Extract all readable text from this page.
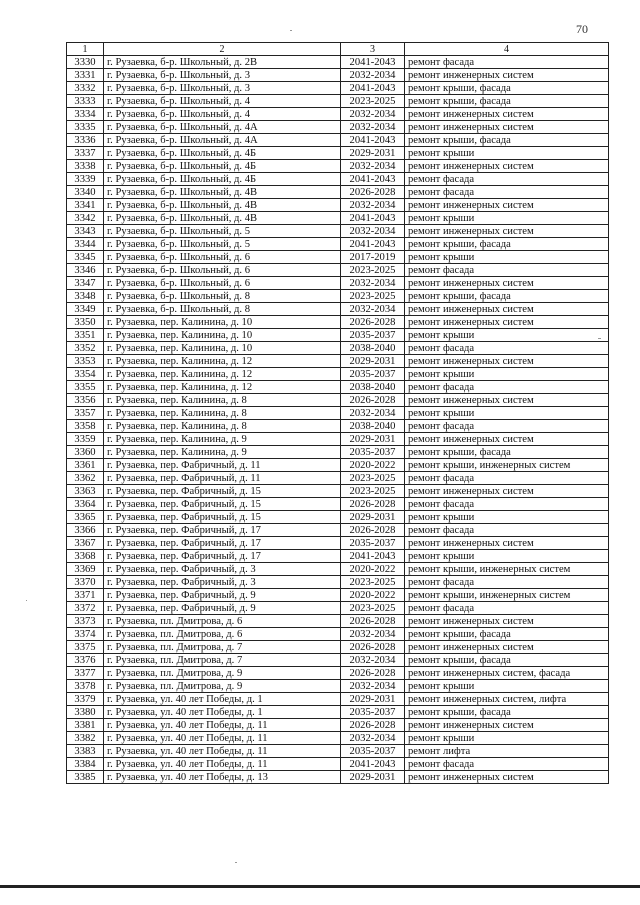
70
1	2	3	4
3330	г. Рузаевка, б-р. Школьный, д. 2В	2041-2043	ремонт фасада
3331	г. Рузаевка, б-р. Школьный, д. 3	2032-2034	ремонт инженерных систем
3332	г. Рузаевка, б-р. Школьный, д. 3	2041-2043	ремонт крыши, фасада
3333	г. Рузаевка, б-р. Школьный, д. 4	2023-2025	ремонт крыши, фасада
3334	г. Рузаевка, б-р. Школьный, д. 4	2032-2034	ремонт инженерных систем
3335	г. Рузаевка, б-р. Школьный, д. 4А	2032-2034	ремонт инженерных систем
3336	г. Рузаевка, б-р. Школьный, д. 4А	2041-2043	ремонт крыши, фасада
3337	г. Рузаевка, б-р. Школьный, д. 4Б	2029-2031	ремонт крыши
3338	г. Рузаевка, б-р. Школьный, д. 4Б	2032-2034	ремонт инженерных систем
3339	г. Рузаевка, б-р. Школьный, д. 4Б	2041-2043	ремонт фасада
3340	г. Рузаевка, б-р. Школьный, д. 4В	2026-2028	ремонт фасада
3341	г. Рузаевка, б-р. Школьный, д. 4В	2032-2034	ремонт инженерных систем
3342	г. Рузаевка, б-р. Школьный, д. 4В	2041-2043	ремонт крыши
3343	г. Рузаевка, б-р. Школьный, д. 5	2032-2034	ремонт инженерных систем
3344	г. Рузаевка, б-р. Школьный, д. 5	2041-2043	ремонт крыши, фасада
3345	г. Рузаевка, б-р. Школьный, д. 6	2017-2019	ремонт крыши
3346	г. Рузаевка, б-р. Школьный, д. 6	2023-2025	ремонт фасада
3347	г. Рузаевка, б-р. Школьный, д. 6	2032-2034	ремонт инженерных систем
3348	г. Рузаевка, б-р. Школьный, д. 8	2023-2025	ремонт крыши, фасада
3349	г. Рузаевка, б-р. Школьный, д. 8	2032-2034	ремонт инженерных систем
3350	г. Рузаевка, пер. Калинина, д. 10	2026-2028	ремонт инженерных систем
3351	г. Рузаевка, пер. Калинина, д. 10	2035-2037	ремонт крыши
3352	г. Рузаевка, пер. Калинина, д. 10	2038-2040	ремонт фасада
3353	г. Рузаевка, пер. Калинина, д. 12	2029-2031	ремонт инженерных систем
3354	г. Рузаевка, пер. Калинина, д. 12	2035-2037	ремонт крыши
3355	г. Рузаевка, пер. Калинина, д. 12	2038-2040	ремонт фасада
3356	г. Рузаевка, пер. Калинина, д. 8	2026-2028	ремонт инженерных систем
3357	г. Рузаевка, пер. Калинина, д. 8	2032-2034	ремонт крыши
3358	г. Рузаевка, пер. Калинина, д. 8	2038-2040	ремонт фасада
3359	г. Рузаевка, пер. Калинина, д. 9	2029-2031	ремонт инженерных систем
3360	г. Рузаевка, пер. Калинина, д. 9	2035-2037	ремонт крыши, фасада
3361	г. Рузаевка, пер. Фабричный, д. 11	2020-2022	ремонт крыши, инженерных систем
3362	г. Рузаевка, пер. Фабричный, д. 11	2023-2025	ремонт фасада
3363	г. Рузаевка, пер. Фабричный, д. 15	2023-2025	ремонт инженерных систем
3364	г. Рузаевка, пер. Фабричный, д. 15	2026-2028	ремонт фасада
3365	г. Рузаевка, пер. Фабричный, д. 15	2029-2031	ремонт крыши
3366	г. Рузаевка, пер. Фабричный, д. 17	2026-2028	ремонт фасада
3367	г. Рузаевка, пер. Фабричный, д. 17	2035-2037	ремонт инженерных систем
3368	г. Рузаевка, пер. Фабричный, д. 17	2041-2043	ремонт крыши
3369	г. Рузаевка, пер. Фабричный, д. 3	2020-2022	ремонт крыши, инженерных систем
3370	г. Рузаевка, пер. Фабричный, д. 3	2023-2025	ремонт фасада
3371	г. Рузаевка, пер. Фабричный, д. 9	2020-2022	ремонт крыши, инженерных систем
3372	г. Рузаевка, пер. Фабричный, д. 9	2023-2025	ремонт фасада
3373	г. Рузаевка, пл. Дмитрова, д. 6	2026-2028	ремонт инженерных систем
3374	г. Рузаевка, пл. Дмитрова, д. 6	2032-2034	ремонт крыши, фасада
3375	г. Рузаевка, пл. Дмитрова, д. 7	2026-2028	ремонт инженерных систем
3376	г. Рузаевка, пл. Дмитрова, д. 7	2032-2034	ремонт крыши, фасада
3377	г. Рузаевка, пл. Дмитрова, д. 9	2026-2028	ремонт инженерных систем, фасада
3378	г. Рузаевка, пл. Дмитрова, д. 9	2032-2034	ремонт крыши
3379	г. Рузаевка, ул. 40 лет Победы, д. 1	2029-2031	ремонт инженерных систем, лифта
3380	г. Рузаевка, ул. 40 лет Победы, д. 1	2035-2037	ремонт крыши, фасада
3381	г. Рузаевка, ул. 40 лет Победы, д. 11	2026-2028	ремонт инженерных систем
3382	г. Рузаевка, ул. 40 лет Победы, д. 11	2032-2034	ремонт крыши
3383	г. Рузаевка, ул. 40 лет Победы, д. 11	2035-2037	ремонт лифта
3384	г. Рузаевка, ул. 40 лет Победы, д. 11	2041-2043	ремонт фасада
3385	г. Рузаевка, ул. 40 лет Победы, д. 13	2029-2031	ремонт инженерных систем
